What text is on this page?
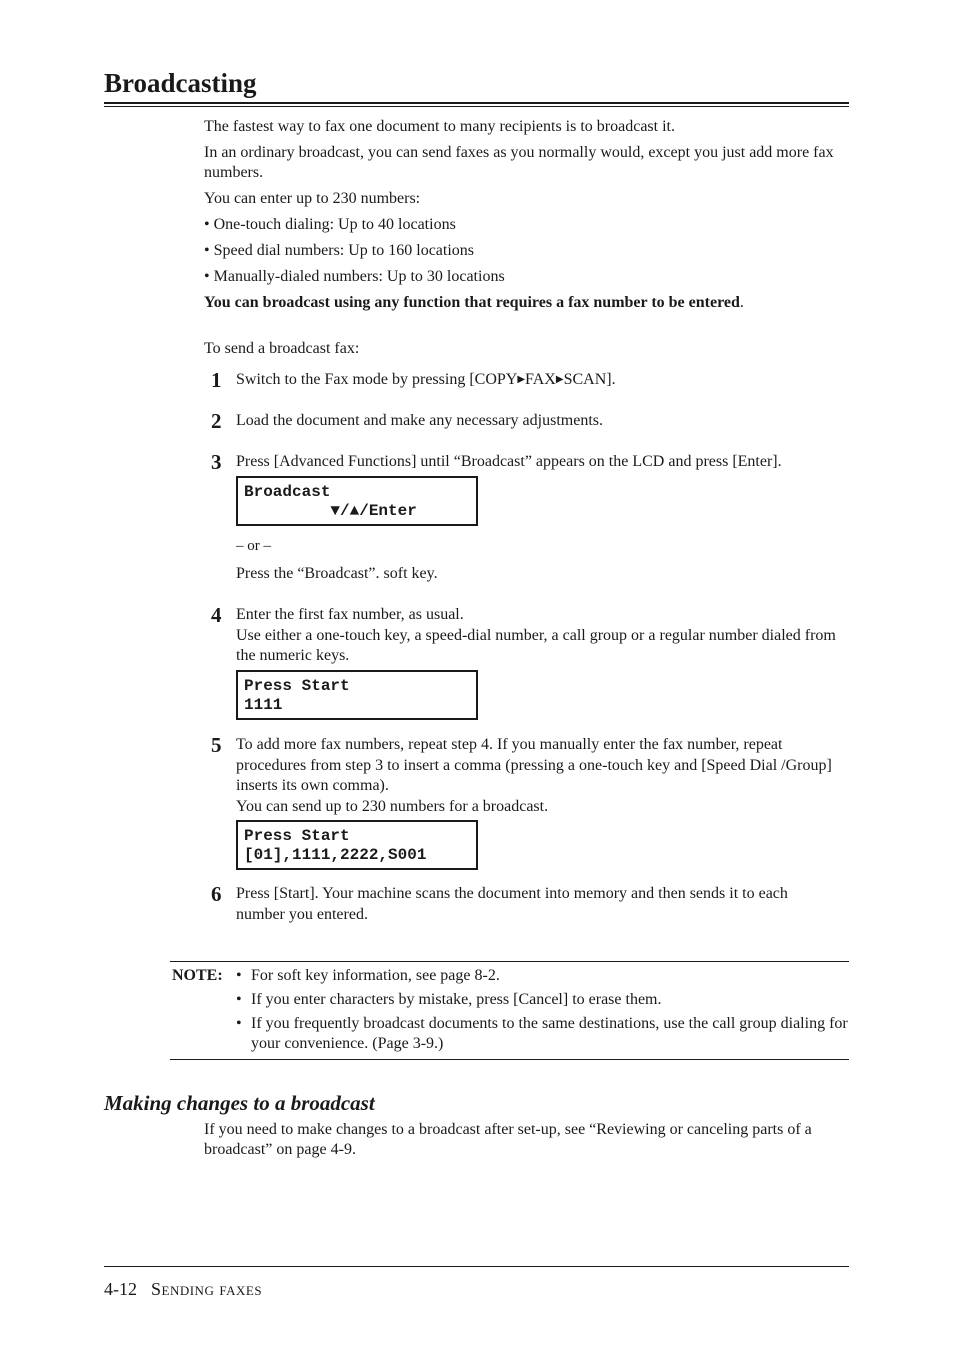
Broadcasting
The fastest way to fax one document to many recipients is to broadcast it.
In an ordinary broadcast, you can send faxes as you normally would, except you just add more fax numbers.
You can enter up to 230 numbers:
• One-touch dialing: Up to 40 locations
• Speed dial numbers: Up to 160 locations
• Manually-dialed numbers: Up to 30 locations
You can broadcast using any function that requires a fax number to be entered.
To send a broadcast fax:
1 Switch to the Fax mode by pressing [COPY▶FAX▶SCAN].
2 Load the document and make any necessary adjustments.
3 Press [Advanced Functions] until “Broadcast” appears on the LCD and press [Enter].
Broadcast
▼/▲/Enter
– or –
Press the “Broadcast”. soft key.
4 Enter the first fax number, as usual.
Use either a one-touch key, a speed-dial number, a call group or a regular number dialed from the numeric keys.
Press Start
1111
5 To add more fax numbers, repeat step 4. If you manually enter the fax number, repeat procedures from step 3 to insert a comma (pressing a one-touch key and [Speed Dial /Group] inserts its own comma).
You can send up to 230 numbers for a broadcast.
Press Start
[01],1111,2222,S001
6 Press [Start]. Your machine scans the document into memory and then sends it to each number you entered.
NOTE: • For soft key information, see page 8-2.
• If you enter characters by mistake, press [Cancel] to erase them.
• If you frequently broadcast documents to the same destinations, use the call group dialing for your convenience. (Page 3-9.)
Making changes to a broadcast
If you need to make changes to a broadcast after set-up, see “Reviewing or canceling parts of a broadcast” on page 4-9.
4-12 Sending faxes
